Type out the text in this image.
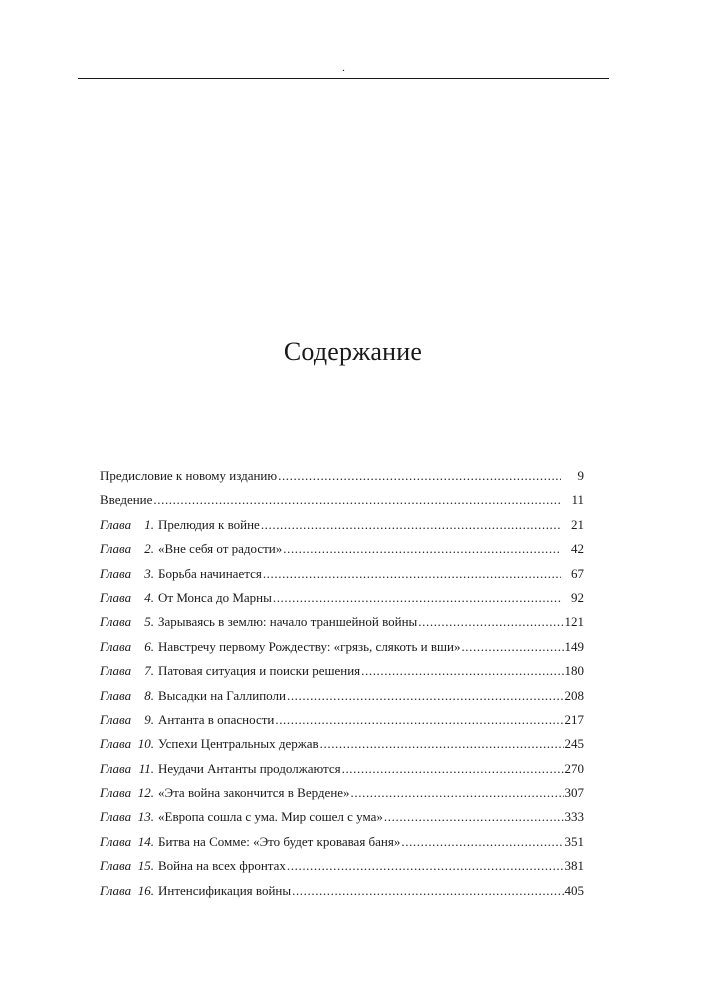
.
Содержание
Предисловие к новому изданию .....	9
Введение .....	11
Глава	1. Прелюдия к войне .....	21
Глава	2. «Вне себя от радости» .....	42
Глава	3. Борьба начинается .....	67
Глава	4. От Монса до Марны .....	92
Глава	5. Зарываясь в землю: начало траншейной войны .....	121
Глава	6. Навстречу первому Рождеству: «грязь, слякоть и вши» .....	149
Глава	7. Патовая ситуация и поиски решения .....	180
Глава	8. Высадки на Галлиполи .....	208
Глава	9. Антанта в опасности .....	217
Глава 10. Успехи Центральных держав .....	245
Глава 11. Неудачи Антанты продолжаются .....	270
Глава 12. «Эта война закончится в Вердене» .....	307
Глава 13. «Европа сошла с ума. Мир сошел с ума» .....	333
Глава 14. Битва на Сомме: «Это будет кровавая баня» .....	351
Глава 15. Война на всех фронтах .....	381
Глава 16. Интенсификация войны .....	405
